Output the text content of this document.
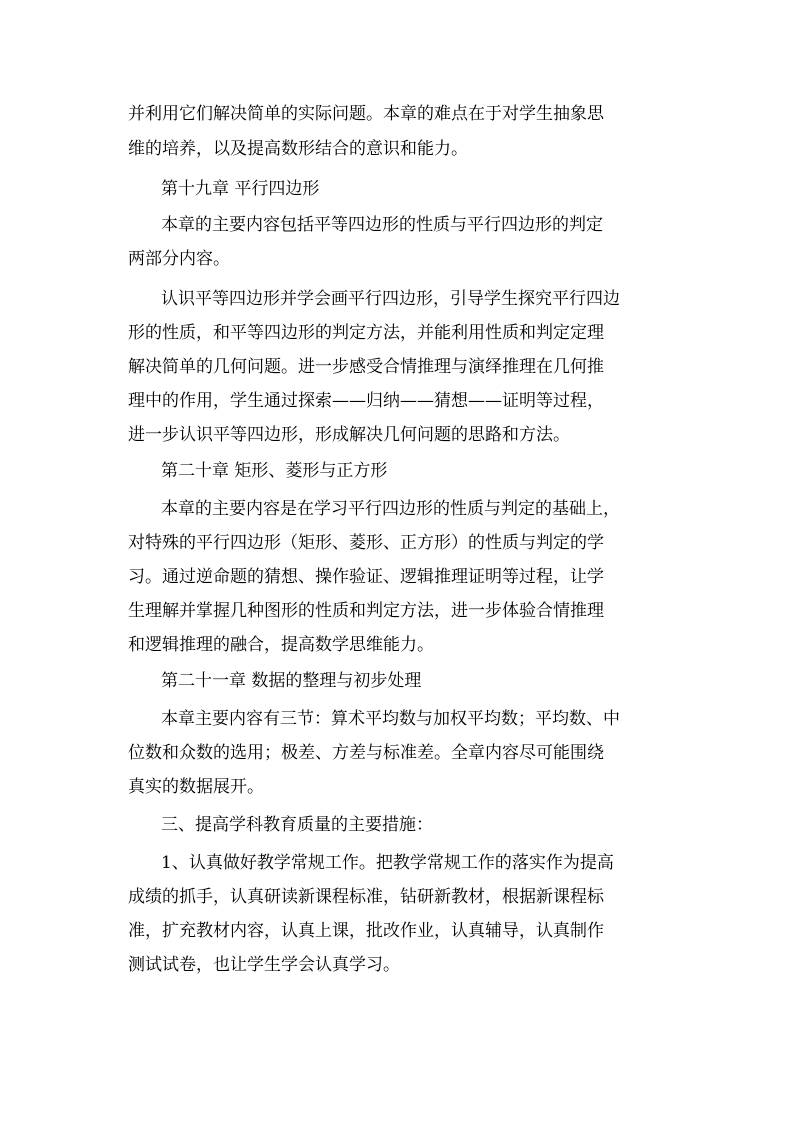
并利用它们解决简单的实际问题。本章的难点在于对学生抽象思

维的培养，以及提高数形结合的意识和能力。

第十九章 平行四边形

本章的主要内容包括平等四边形的性质与平行四边形的判定

两部分内容。

认识平等四边形并学会画平行四边形，引导学生探究平行四边

形的性质，和平等四边形的判定方法，并能利用性质和判定定理

解决简单的几何问题。进一步感受合情推理与演绎推理在几何推

理中的作用，学生通过探索——归纳——猜想——证明等过程，

进一步认识平等四边形，形成解决几何问题的思路和方法。

第二十章 矩形、菱形与正方形

本章的主要内容是在学习平行四边形的性质与判定的基础上，

对特殊的平行四边形（矩形、菱形、正方形）的性质与判定的学

习。通过逆命题的猜想、操作验证、逻辑推理证明等过程，让学

生理解并掌握几种图形的性质和判定方法，进一步体验合情推理

和逻辑推理的融合，提高数学思维能力。

第二十一章 数据的整理与初步处理

本章主要内容有三节：算术平均数与加权平均数；平均数、中

位数和众数的选用；极差、方差与标准差。全章内容尽可能围绕

真实的数据展开。

三、提高学科教育质量的主要措施：

1、认真做好教学常规工作。把教学常规工作的落实作为提高

成绩的抓手，认真研读新课程标准，钻研新教材，根据新课程标

准，扩充教材内容，认真上课，批改作业，认真辅导，认真制作

测试试卷，也让学生学会认真学习。
